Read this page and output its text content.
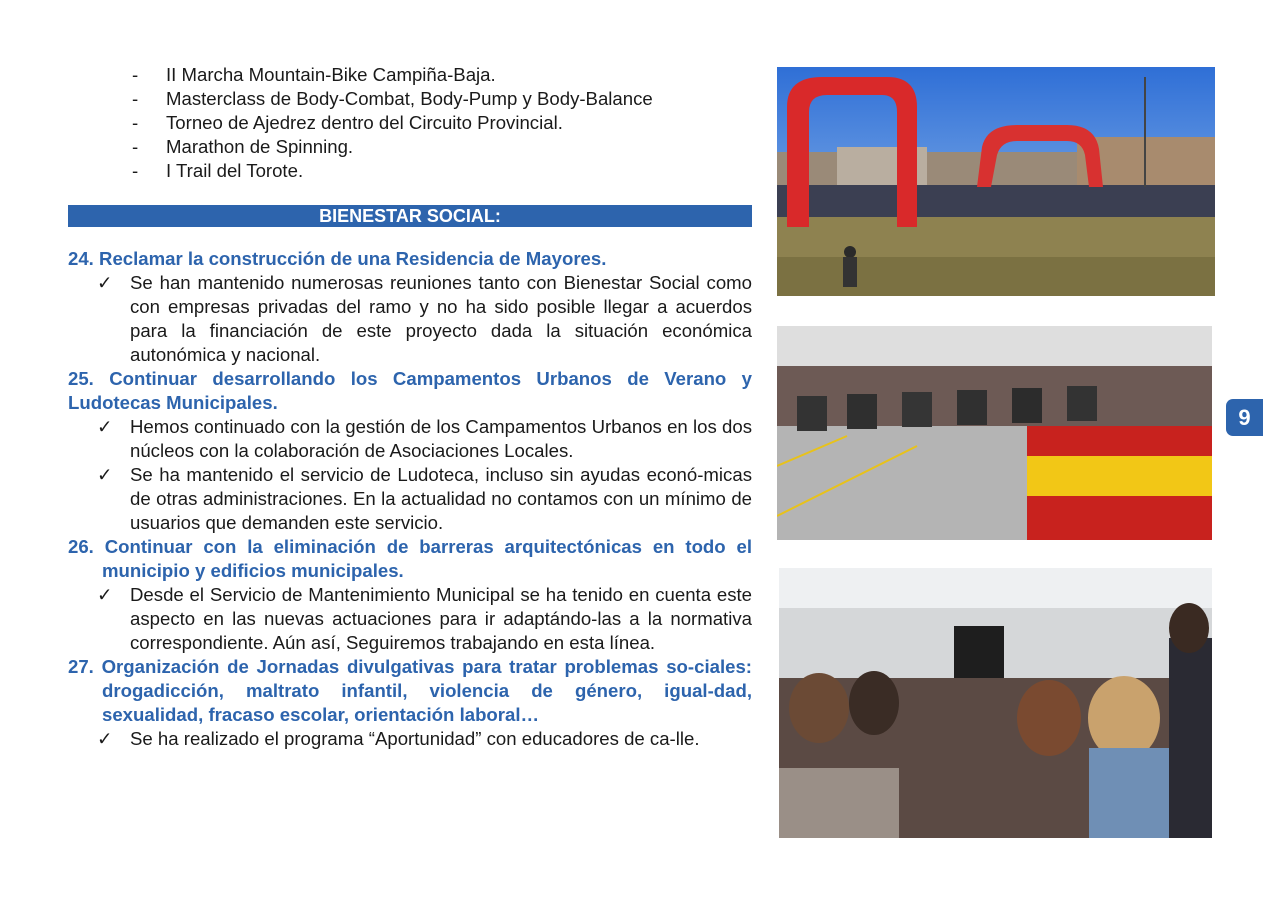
- II Marcha Mountain-Bike Campiña-Baja.
- Masterclass de Body-Combat, Body-Pump y Body-Balance
- Torneo de Ajedrez dentro del Circuito Provincial.
- Marathon de Spinning.
- I Trail del Torote.
BIENESTAR SOCIAL:
24. Reclamar la construcción de una Residencia de Mayores.
✓ Se han mantenido numerosas reuniones tanto con Bienestar Social como con empresas privadas del ramo y no ha sido posible llegar a acuerdos para la financiación de este proyecto dada la situación económica autonómica y nacional.
25. Continuar desarrollando los Campamentos Urbanos de Verano y Ludotecas Municipales.
✓ Hemos continuado con la gestión de los Campamentos Urbanos en los dos núcleos con la colaboración de Asociaciones Locales.
✓ Se ha mantenido el servicio de Ludoteca, incluso sin ayudas econó-micas de otras administraciones. En la actualidad no contamos con un mínimo de usuarios que demanden este servicio.
26. Continuar con la eliminación de barreras arquitectónicas en todo el municipio y edificios municipales.
✓ Desde el Servicio de Mantenimiento Municipal se ha tenido en cuenta este aspecto en las nuevas actuaciones para ir adaptándo-las a la normativa correspondiente. Aún así, Seguiremos trabajando en esta línea.
27. Organización de Jornadas divulgativas para tratar problemas so-ciales: drogadicción, maltrato infantil, violencia de género, igual-dad, sexualidad, fracaso escolar, orientación laboral…
✓ Se ha realizado el programa “Aportunidad” con educadores de ca-lle.
9
